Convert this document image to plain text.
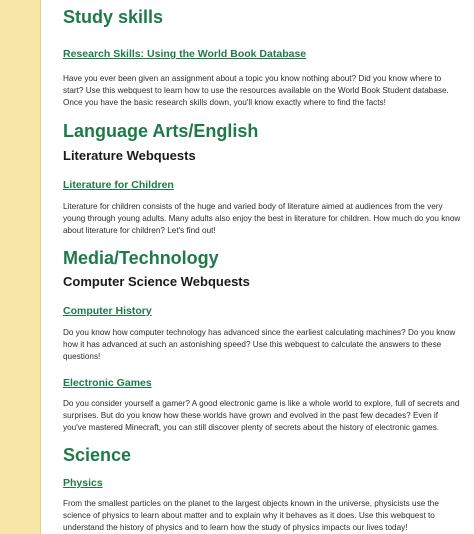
Study skills
Research Skills: Using the World Book Database

Have you ever been given an assignment about a topic you know nothing about? Did you know where to start? Use this webquest to learn how to use the resources available on the World Book Student database. Once you have the basic research skills down, you'll know exactly where to find the facts!

Language Arts/English
Literature Webquests
Literature for Children

Literature for children consists of the huge and varied body of literature aimed at audiences from the very young through young adults. Many adults also enjoy the best in literature for children. How much do you know about literature for children? Let's find out!

Media/Technology
Computer Science Webquests
Computer History

Do you know how computer technology has advanced since the earliest calculating machines? Do you know how it has advanced at such an astonishing speed? Use this webquest to calculate the answers to these questions!

Electronic Games

Do you consider yourself a gamer? A good electronic game is like a whole world to explore, full of secrets and surprises. But do you know how these worlds have grown and evolved in the past few decades? Even if you've mastered Minecraft, you can still discover plenty of secrets about the history of electronic games.

Science
Physics

From the smallest particles on the planet to the largest objects known in the universe, physicists use the science of physics to learn about matter and to explain why it behaves as it does. Use this webquest to understand the history of physics and to learn how the study of physics impacts our lives today!
